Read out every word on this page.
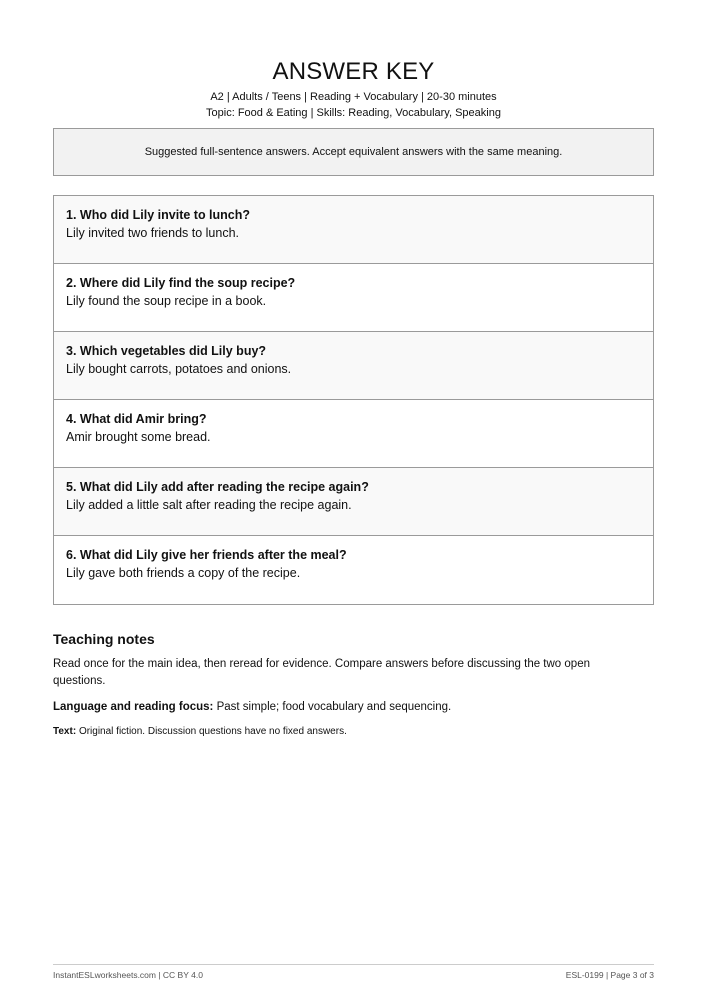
ANSWER KEY
A2 | Adults / Teens | Reading + Vocabulary | 20-30 minutes
Topic: Food & Eating | Skills: Reading, Vocabulary, Speaking
Suggested full-sentence answers. Accept equivalent answers with the same meaning.
1. Who did Lily invite to lunch?
Lily invited two friends to lunch.
2. Where did Lily find the soup recipe?
Lily found the soup recipe in a book.
3. Which vegetables did Lily buy?
Lily bought carrots, potatoes and onions.
4. What did Amir bring?
Amir brought some bread.
5. What did Lily add after reading the recipe again?
Lily added a little salt after reading the recipe again.
6. What did Lily give her friends after the meal?
Lily gave both friends a copy of the recipe.
Teaching notes
Read once for the main idea, then reread for evidence. Compare answers before discussing the two open questions.
Language and reading focus: Past simple; food vocabulary and sequencing.
Text: Original fiction. Discussion questions have no fixed answers.
InstantESLworksheets.com | CC BY 4.0	ESL-0199 | Page 3 of 3
